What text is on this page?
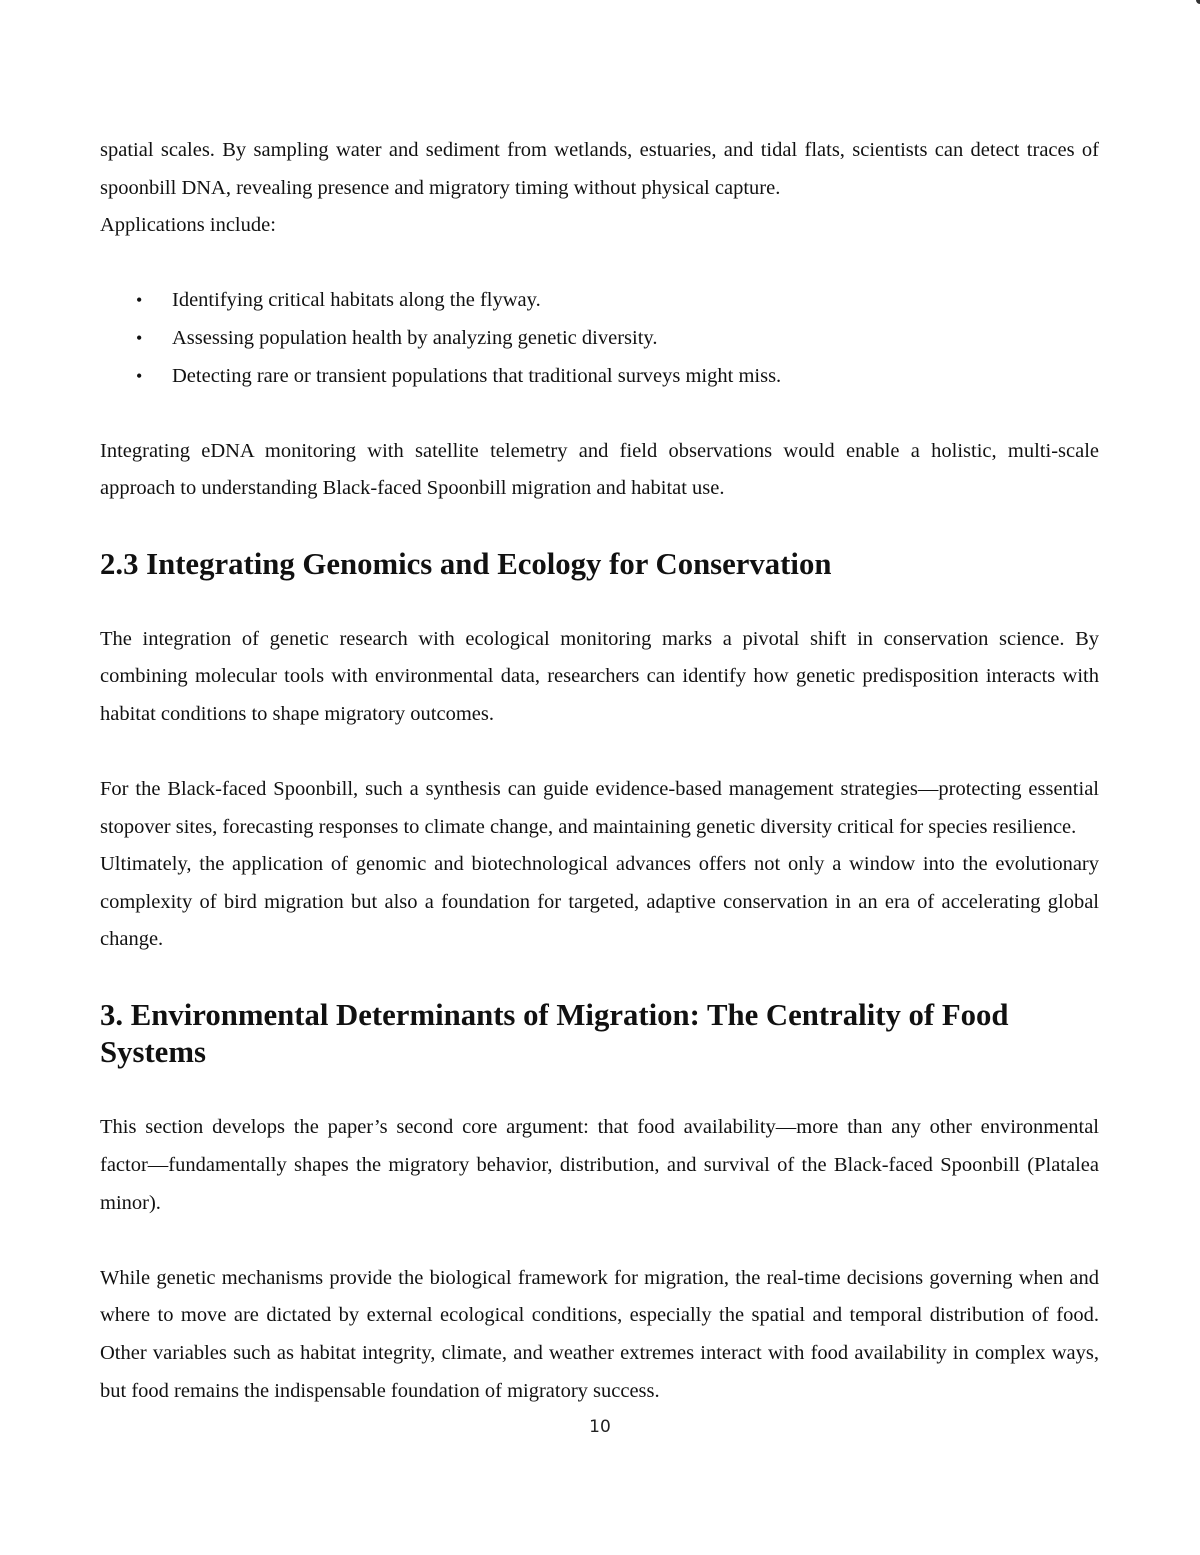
spatial scales. By sampling water and sediment from wetlands, estuaries, and tidal flats, scientists can detect traces of spoonbill DNA, revealing presence and migratory timing without physical capture.

Applications include:

• Identifying critical habitats along the flyway.
• Assessing population health by analyzing genetic diversity.
• Detecting rare or transient populations that traditional surveys might miss.

Integrating eDNA monitoring with satellite telemetry and field observations would enable a holistic, multi-scale approach to understanding Black-faced Spoonbill migration and habitat use.

2.3 Integrating Genomics and Ecology for Conservation

The integration of genetic research with ecological monitoring marks a pivotal shift in conservation science. By combining molecular tools with environmental data, researchers can identify how genetic predisposition interacts with habitat conditions to shape migratory outcomes.

For the Black-faced Spoonbill, such a synthesis can guide evidence-based management strategies—protecting essential stopover sites, forecasting responses to climate change, and maintaining genetic diversity critical for species resilience.

Ultimately, the application of genomic and biotechnological advances offers not only a window into the evolutionary complexity of bird migration but also a foundation for targeted, adaptive conservation in an era of accelerating global change.

3. Environmental Determinants of Migration: The Centrality of Food Systems

This section develops the paper’s second core argument: that food availability—more than any other environmental factor—fundamentally shapes the migratory behavior, distribution, and survival of the Black-faced Spoonbill (Platalea minor).

While genetic mechanisms provide the biological framework for migration, the real-time decisions governing when and where to move are dictated by external ecological conditions, especially the spatial and temporal distribution of food. Other variables such as habitat integrity, climate, and weather extremes interact with food availability in complex ways, but food remains the indispensable foundation of migratory success.

10
